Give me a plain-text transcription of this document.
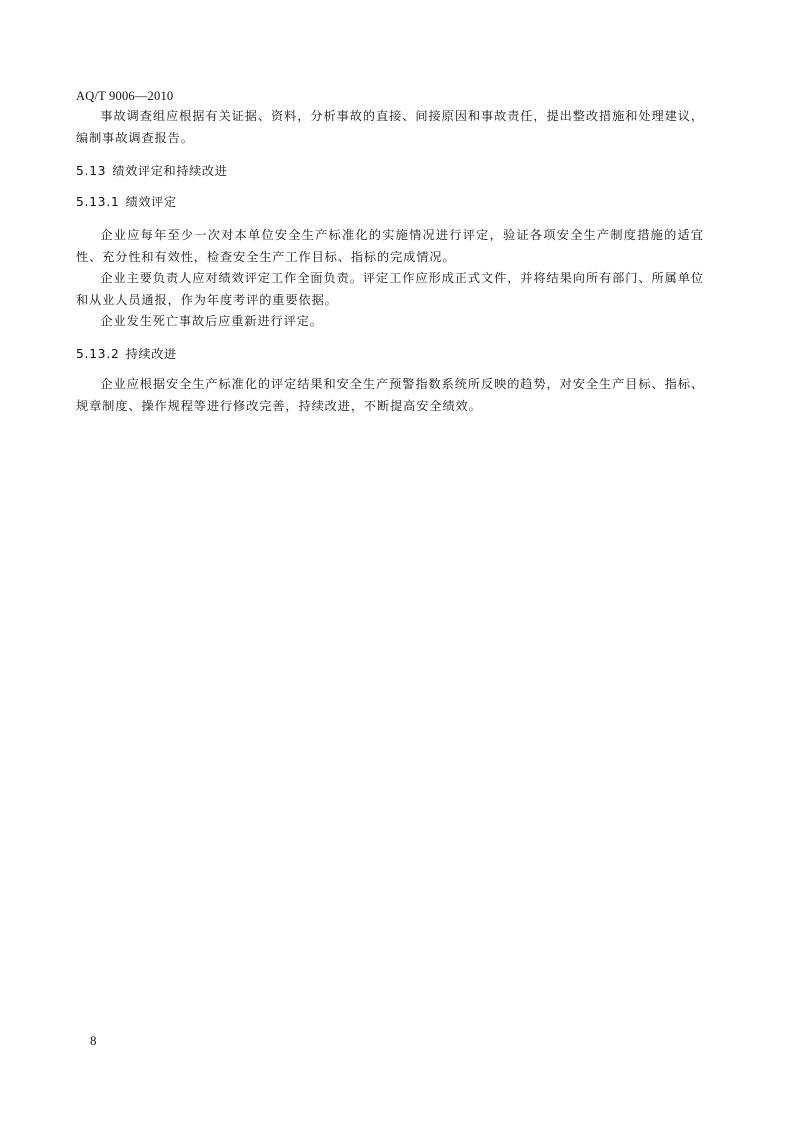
AQ/T 9006—2010

事故调查组应根据有关证据、资料，分析事故的直接、间接原因和事故责任，提出整改措施和处理建议，编制事故调查报告。

5.13 绩效评定和持续改进
5.13.1 绩效评定

企业应每年至少一次对本单位安全生产标准化的实施情况进行评定，验证各项安全生产制度措施的适宜性、充分性和有效性，检查安全生产工作目标、指标的完成情况。

企业主要负责人应对绩效评定工作全面负责。评定工作应形成正式文件，并将结果向所有部门、所属单位和从业人员通报，作为年度考评的重要依据。

企业发生死亡事故后应重新进行评定。

5.13.2 持续改进

企业应根据安全生产标准化的评定结果和安全生产预警指数系统所反映的趋势，对安全生产目标、指标、规章制度、操作规程等进行修改完善，持续改进，不断提高安全绩效。

8
